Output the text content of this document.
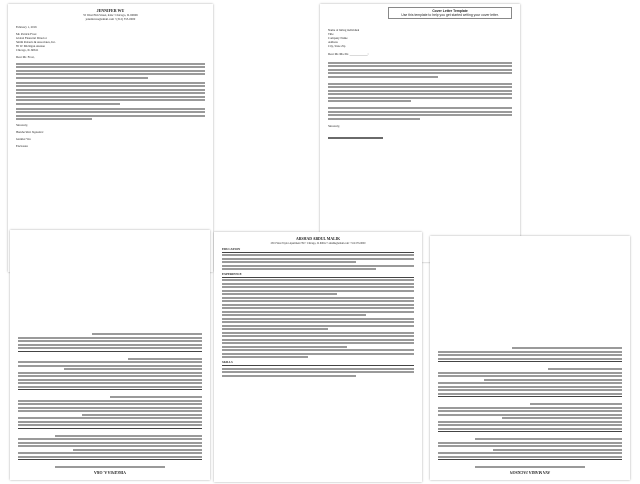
JENNIFER WU
55 West Elm Street, #4A • Chicago, IL 60606
jenniferwu@email.com • (312) 555-0000
February 1, 2016
Mr. Patrick Frost
Global Financial Director
Smith Roberts & Associates, Inc.
85 W. Michigan Avenue
Chicago, IL 60611
Dear Mr. Frost,
Sincerely,
Handwritten Signature
Jennifer Wu
Enclosure
Cover Letter Template
Use this template to help you get started writing your cover letter.
Name of hiring individual
Title
Company Name
Address
City, State Zip
Dear Mr./Ms./Dr. ____________:
Sincerely,
VIRGINIA A. ORA
ARSHAD ABDUL MALIK
2501 West Taylor Apartment 3W • Chicago, IL 60612 • amalik@email.com • 312.555.0000
EDUCATION
EXPERIENCE
SKILLS
AVA MARIA JACKSON
